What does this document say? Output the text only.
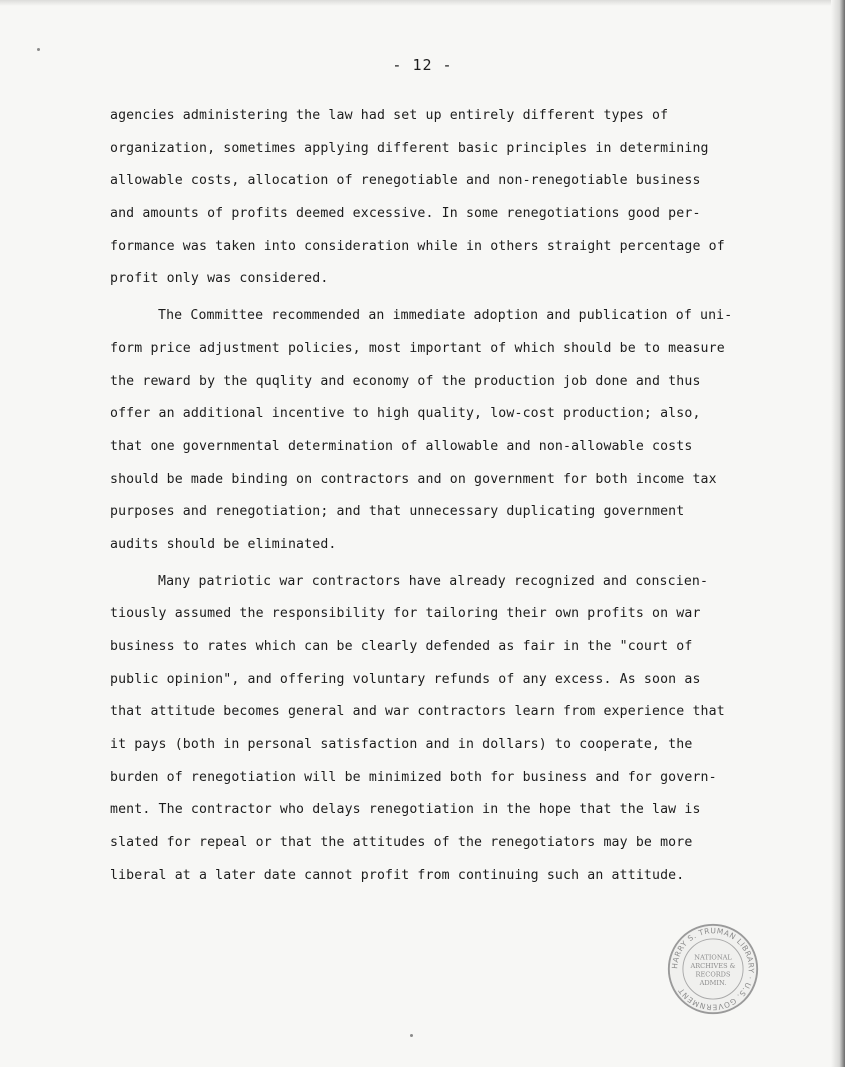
- 12 -
agencies administering the law had set up entirely different types of
organization, sometimes applying different basic principles in determining
allowable costs, allocation of renegotiable and non-renegotiable business
and amounts of profits deemed excessive. In some renegotiations good per-
formance was taken into consideration while in others straight percentage of
profit only was considered.
The Committee recommended an immediate adoption and publication of uni-
form price adjustment policies, most important of which should be to measure
the reward by the quqlity and economy of the production job done and thus
offer an additional incentive to high quality, low-cost production; also,
that one governmental determination of allowable and non-allowable costs
should be made binding on contractors and on government for both income tax
purposes and renegotiation; and that unnecessary duplicating government
audits should be eliminated.
Many patriotic war contractors have already recognized and conscien-
tiously assumed the responsibility for tailoring their own profits on war
business to rates which can be clearly defended as fair in the "court of
public opinion", and offering voluntary refunds of any excess. As soon as
that attitude becomes general and war contractors learn from experience that
it pays (both in personal satisfaction and in dollars) to cooperate, the
burden of renegotiation will be minimized both for business and for govern-
ment. The contractor who delays renegotiation in the hope that the law is
slated for repeal or that the attitudes of the renegotiators may be more
liberal at a later date cannot profit from continuing such an attitude.
HARRY S. TRUMAN LIBRARY · U.S. GOVERNMENT
NATIONAL
ARCHIVES &
RECORDS
ADMIN.
